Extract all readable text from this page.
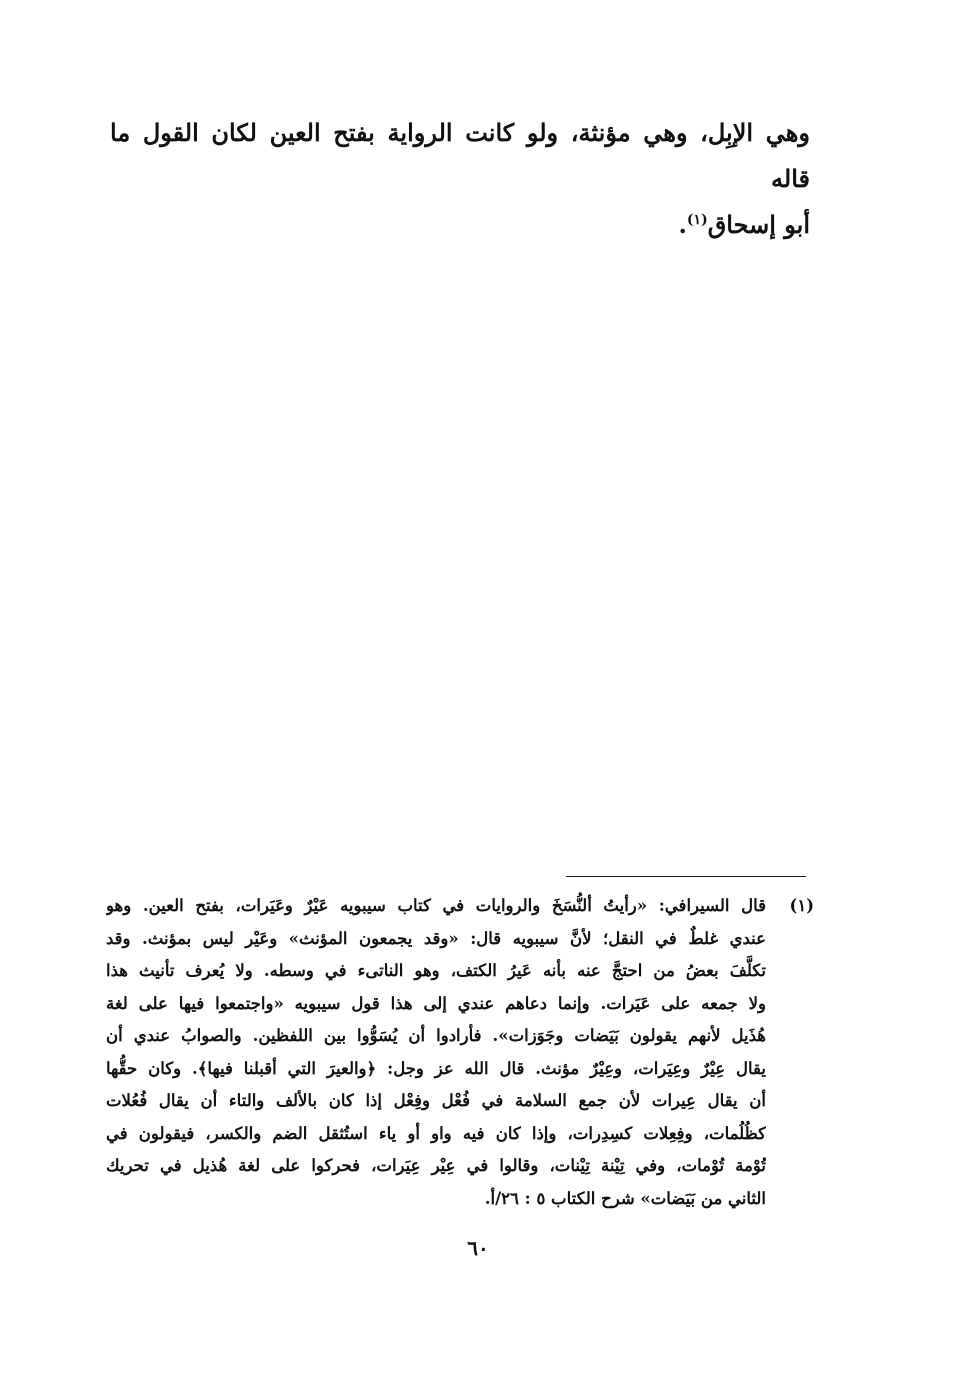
وهي الإبِل، وهي مؤنثة، ولو كانت الرواية بفتح العين لكان القول ما قاله
أبو إسحاق$^{(١)}$.
(١)
قال السيرافي: «رأيتُ ألنُّسَخَ والروايات في كتاب سيبويه عَيْرٌ وعَيَرات، بفتح العين. وهو
عندي غلطٌ في النقل؛ لأنَّ سيبويه قال: «وقد يجمعون المؤنث» وعَيْر ليس بمؤنث. وقد
تكلَّفَ بعضُ من احتجَّ عنه بأنه عَيرُ الكتف، وهو الناتىء في وسطه. ولا يُعرف تأنيث هذا
ولا جمعه على عَيَرات. وإنما دعاهم عندي إلى هذا قول سيبويه «واجتمعوا فيها على لغة
هُذَيل لأنهم يقولون بَيَضات وجَوَزات». فأرادوا أن يُسَوُّوا بين اللفظين. والصوابُ عندي أن
يقال عِيْرٌ وعِيَرات، وعِيْرٌ مؤنث. قال الله عز وجل: ﴿والعيرَ التي أقبلنا فيها﴾. وكان حقُّها
أن يقال عِيرات لأن جمع السلامة في فُعْل وفِعْل إذا كان بالألف والتاء أن يقال فُعُلات
كظُلُمات، وفِعِلات كسِدِرات، وإذا كان فيه واو أو ياء استُثقل الضم والكسر، فيقولون في
تُوْمة تُوْمات، وفي تِيْنة تِيْنات، وقالوا في عِيْر عِيَرات، فحركوا على لغة هُذيل في تحريك
الثاني من بَيَضات» شرح الكتاب ٥ : ٢٦/أ.
٦٠
